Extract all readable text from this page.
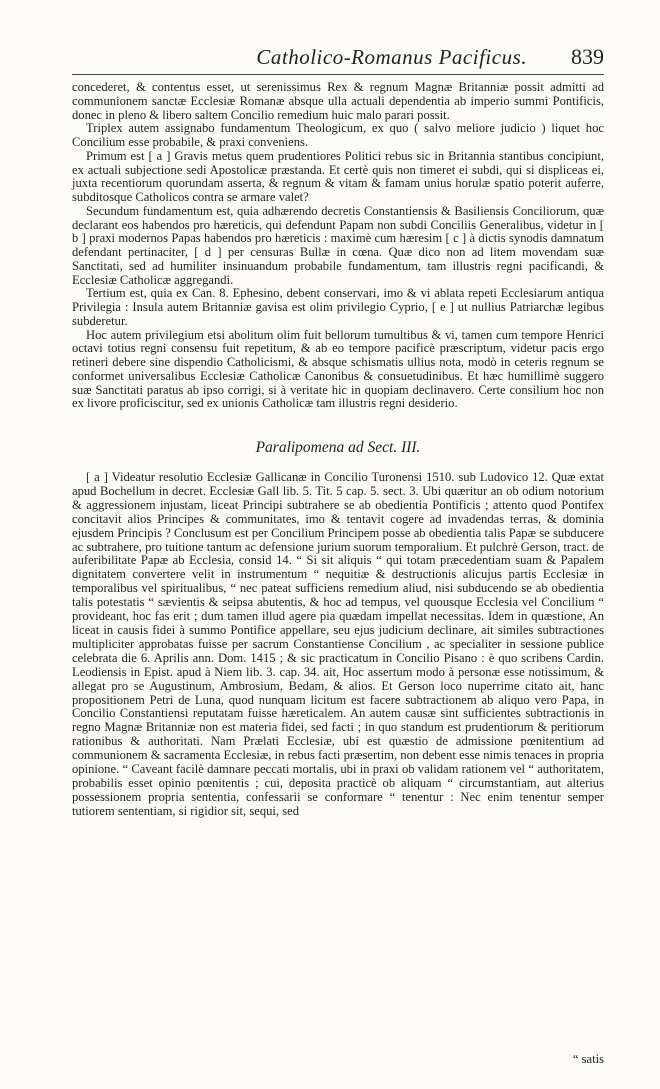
Catholico-Romanus Pacificus. 839

concederet, & contentus esset, ut serenissimus Rex & regnum Magnæ Britanniæ possit admitti ad communionem sanctæ Ecclesiæ Romanæ absque ulla actuali dependentia ab imperio summi Pontificis, donec in pleno & libero saltem Concilio remedium huic malo parari possit.

Triplex autem assignabo fundamentum Theologicum, ex quo ( salvo meliore judicio ) liquet hoc Concilium esse probabile, & praxi conveniens.

Primum est [ a ] Gravis metus quem prudentiores Politici rebus sic in Britannia stantibus concipiunt, ex actuali subjectione sedi Apostolicæ præstanda. Et certè quis non timeret ei subdi, qui si displiceas ei, juxta recentiorum quorundam asserta, & regnum & vitam & famam unius horulæ spatio poterit auferre, subditosque Catholicos contra se armare valet?

Secundum fundamentum est, quia adhærendo decretis Constantiensis & Basiliensis Conciliorum, quæ declarant eos habendos pro hæreticis, qui defendunt Papam non subdi Conciliis Generalibus, videtur in [ b ] praxi modernos Papas habendos pro hæreticis : maximè cum hæresim [ c ] à dictis synodis damnatum defendant pertinaciter, [ d ] per censuras Bullæ in cœna. Quæ dico non ad litem movendam suæ Sanctitati, sed ad humiliter insinuandum probabile fundamentum, tam illustris regni pacificandi, & Ecclesiæ Catholicæ aggregandi.

Tertium est, quia ex Can. 8. Ephesino, debent conservari, imo & vi ablata repeti Ecclesiarum antiqua Privilegia : Insula autem Britanniæ gavisa est olim privilegio Cyprio, [ e ] ut nullius Patriarchæ legibus subderetur.

Hoc autem privilegium etsi abolitum olim fuit bellorum tumultibus & vi, tamen cum tempore Henrici octavi totius regni consensu fuit repetitum, & ab eo tempore pacificè præscriptum, videtur pacis ergo retineri debere sine dispendio Catholicismi, & absque schismatis ullius nota, modò in ceteris regnum se conformet universalibus Ecclesiæ Catholicæ Canonibus & consuetudinibus. Et hæc humillimè suggero suæ Sanctitati paratus ab ipso corrigi, si à veritate hic in quopiam declinavero. Certe consilium hoc non ex livore proficiscitur, sed ex unionis Catholicæ tam illustris regni desiderio.

Paralipomena ad Sect. III.

[ a ] Videatur resolutio Ecclesiæ Gallicanæ in Concilio Turonensi 1510. sub Ludovico 12. Quæ extat apud Bochellum in decret. Ecclesiæ Gall lib. 5. Tit. 5 cap. 5. sect. 3. Ubi quæritur an ob odium notorium & aggressionem injustam, liceat Principi subtrahere se ab obedientia Pontificis ; attento quod Pontifex concitavit alios Principes & communitates, imo & tentavit cogere ad invadendas terras, & dominia ejusdem Principis ? Conclusum est per Concilium Principem posse ab obedientia talis Papæ se subducere ac subtrahere, pro tuitione tantum ac defensione jurium suorum temporalium. Et pulchrè Gerson, tract. de auferibilitate Papæ ab Ecclesia, consid 14. “ Si sit aliquis “ qui totam præcedentiam suam & Papalem dignitatem convertere velit in instrumentum “ nequitiæ & destructionis alicujus partis Ecclesiæ in temporalibus vel spiritualibus, “ nec pateat sufficiens remedium aliud, nisi subducendo se ab obedientia talis potestatis “ sævientis & seipsa abutentis, & hoc ad tempus, vel quousque Ecclesia vel Concilium “ provideant, hoc fas erit ; dum tamen illud agere pia quædam impellat necessitas. Idem in quæstione, An liceat in causis fidei à summo Pontifice appellare, seu ejus judicium declinare, ait similes subtractiones multipliciter approbatas fuisse per sacrum Constantiense Concilium , ac specialiter in sessione publice celebrata die 6. Aprilis ann. Dom. 1415 ; & sic practicatum in Concilio Pisano : è quo scribens Cardin. Leodiensis in Epist. apud à Niem lib. 3. cap. 34. ait, Hoc assertum modo à personæ esse notissimum, & allegat pro se Augustinum, Ambrosium, Bedam, & alios. Et Gerson loco nuperrime citato ait, hanc propositionem Petri de Luna, quod nunquam licitum est facere subtractionem ab aliquo vero Papa, in Concilio Constantiensi reputatam fuisse hæreticalem. An autem causæ sint sufficientes subtractionis in regno Magnæ Britanniæ non est materia fidei, sed facti ; in quo standum est prudentiorum & peritiorum rationibus & authoritati. Nam Prælati Ecclesiæ, ubi est quæstio de admissione pœnitentium ad communionem & sacramenta Ecclesiæ, in rebus facti præsertim, non debent esse nimis tenaces in propria opinione. “ Caveant facilè damnare peccati mortalis, ubi in praxi ob validam rationem vel “ authoritatem, probabilis esset opinio pœnitentis ; cui, deposita practicè ob aliquam “ circumstantiam, aut alterius possessionem propria sententia, confessarii se conformare “ tenentur : Nec enim tenentur semper tutiorem sententiam, si rigidior sit, sequi, sed

“ satis
